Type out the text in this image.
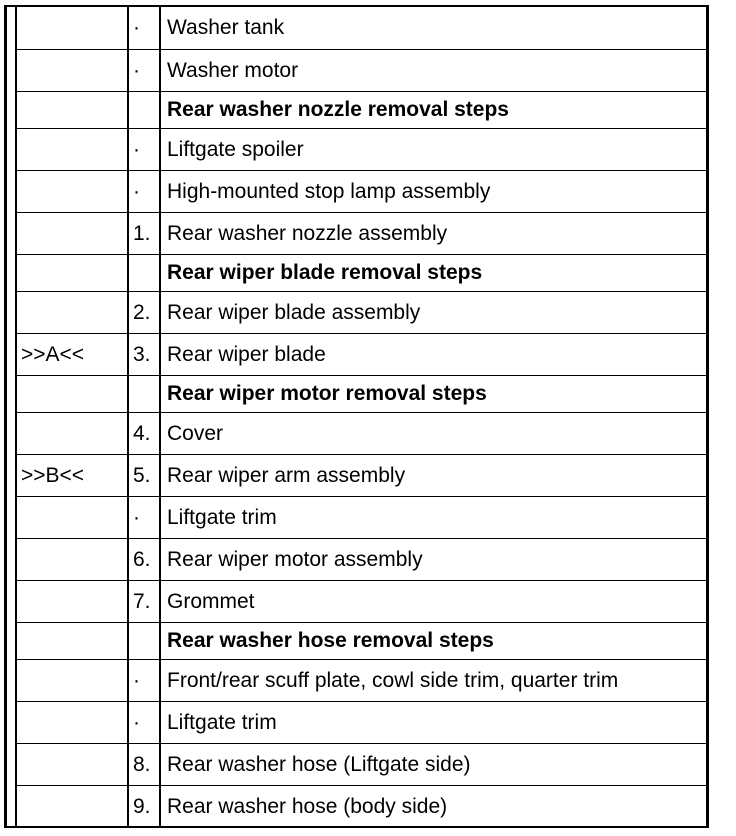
	·	Washer tank
	·	Washer motor
		Rear washer nozzle removal steps
	·	Liftgate spoiler
	·	High-mounted stop lamp assembly
	1.	Rear washer nozzle assembly
		Rear wiper blade removal steps
	2.	Rear wiper blade assembly
>>A<<	3.	Rear wiper blade
		Rear wiper motor removal steps
	4.	Cover
>>B<<	5.	Rear wiper arm assembly
	·	Liftgate trim
	6.	Rear wiper motor assembly
	7.	Grommet
		Rear washer hose removal steps
	·	Front/rear scuff plate, cowl side trim, quarter trim
	·	Liftgate trim
	8.	Rear washer hose (Liftgate side)
	9.	Rear washer hose (body side)
